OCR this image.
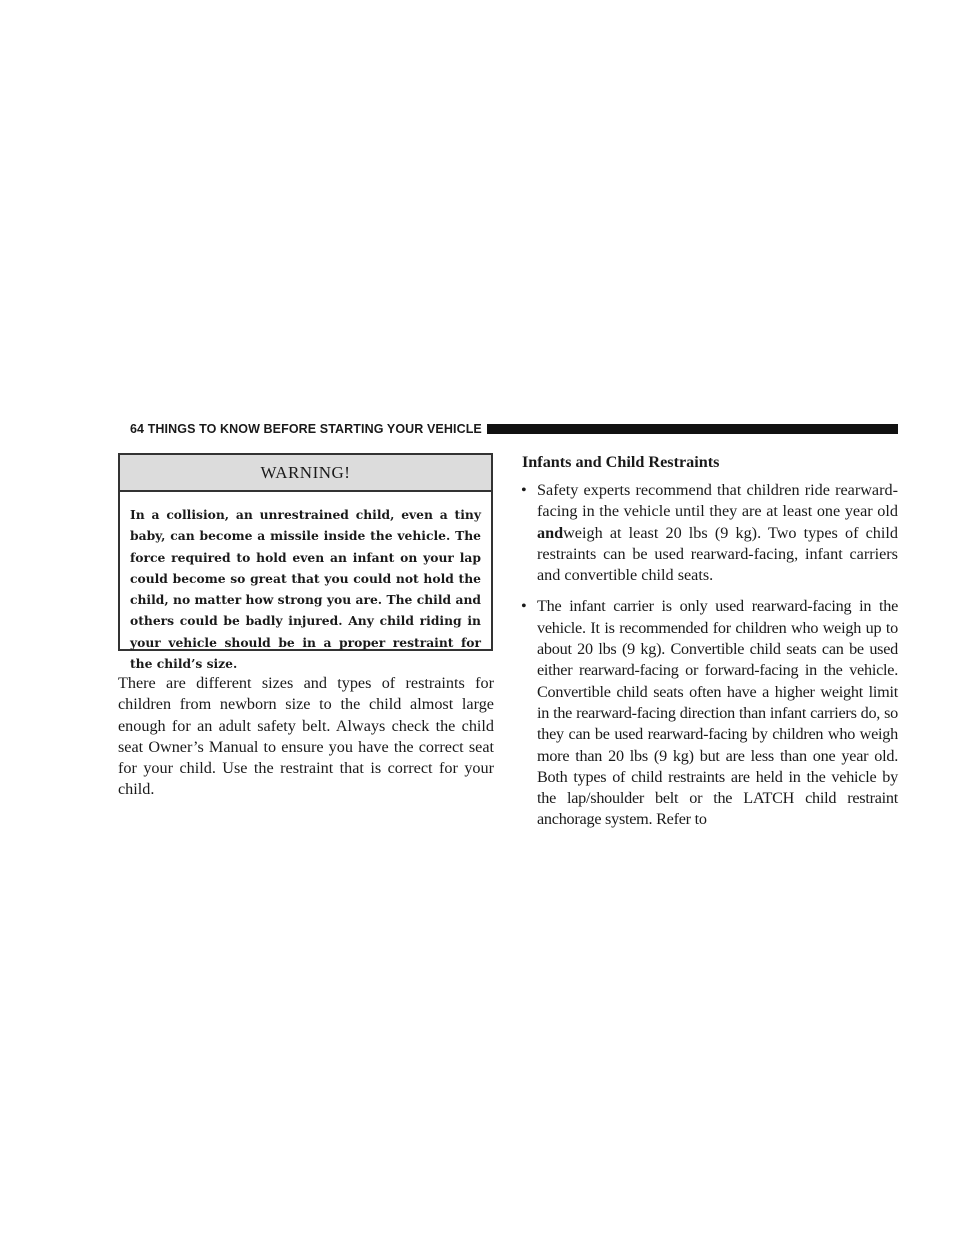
64 THINGS TO KNOW BEFORE STARTING YOUR VEHICLE
WARNING!
In a collision, an unrestrained child, even a tiny baby, can become a missile inside the vehicle. The force required to hold even an infant on your lap could become so great that you could not hold the child, no matter how strong you are. The child and others could be badly injured. Any child riding in your vehicle should be in a proper restraint for the child’s size.

There are different sizes and types of restraints for children from newborn size to the child almost large enough for an adult safety belt. Always check the child seat Owner’s Manual to ensure you have the correct seat for your child. Use the restraint that is correct for your child.

Infants and Child Restraints
• Safety experts recommend that children ride rearward-facing in the vehicle until they are at least one year old andweigh at least 20 lbs (9 kg). Two types of child restraints can be used rearward-facing, infant carriers and convertible child seats.
• The infant carrier is only used rearward-facing in the vehicle. It is recommended for children who weigh up to about 20 lbs (9 kg). Convertible child seats can be used either rearward-facing or forward-facing in the vehicle. Convertible child seats often have a higher weight limit in the rearward-facing direction than infant carriers do, so they can be used rearward-facing by children who weigh more than 20 lbs (9 kg) but are less than one year old. Both types of child restraints are held in the vehicle by the lap/shoulder belt or the LATCH child restraint anchorage system. Refer to
